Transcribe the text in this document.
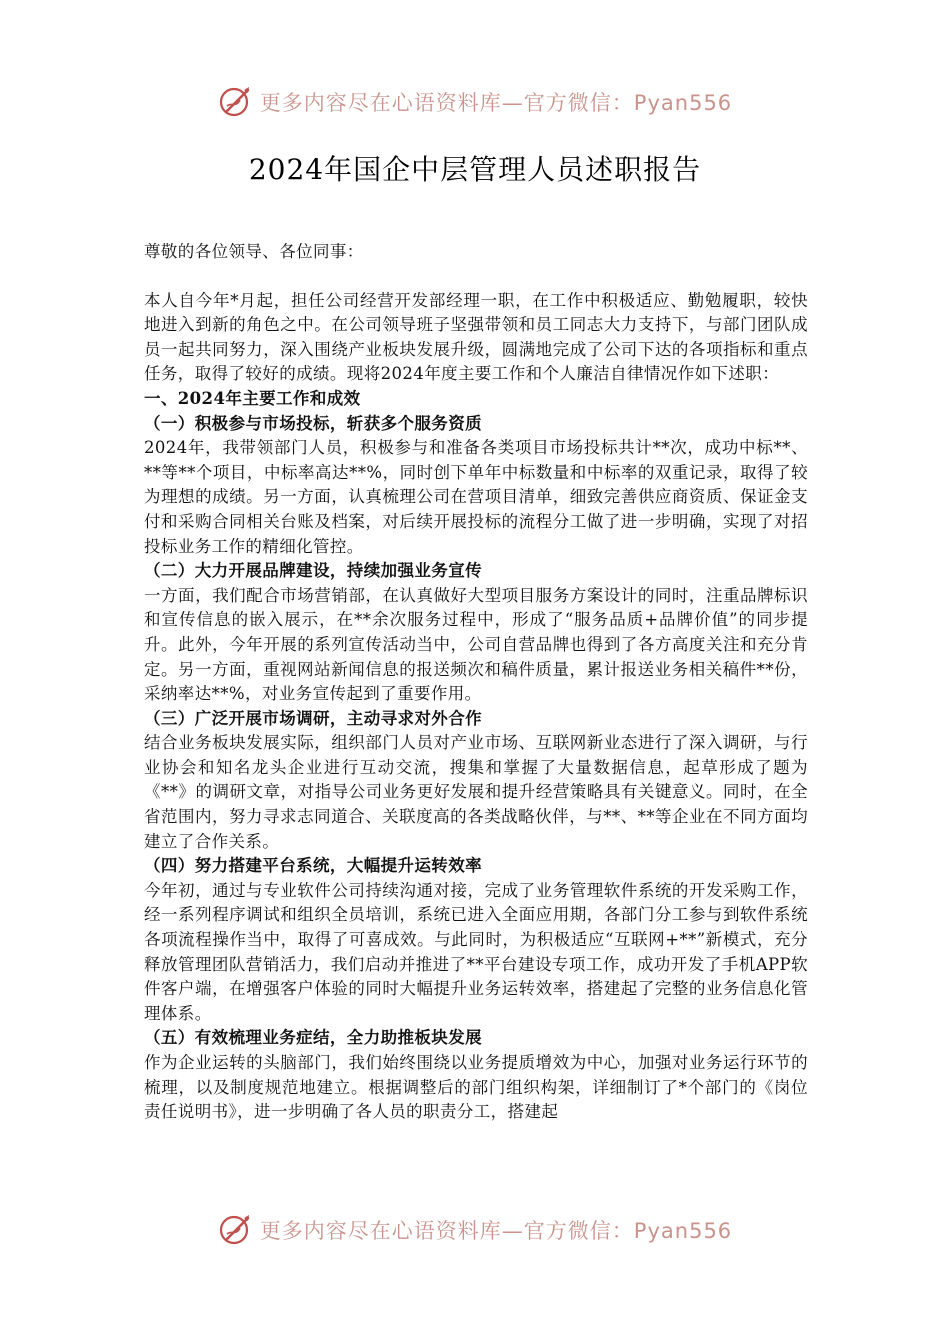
更多内容尽在心语资料库—官方微信：Pyan556
2024年国企中层管理人员述职报告

尊敬的各位领导、各位同事：

本人自今年*月起，担任公司经营开发部经理一职，在工作中积极适应、勤勉履职，较快地进入到新的角色之中。在公司领导班子坚强带领和员工同志大力支持下，与部门团队成员一起共同努力，深入围绕产业板块发展升级，圆满地完成了公司下达的各项指标和重点任务，取得了较好的成绩。现将2024年度主要工作和个人廉洁自律情况作如下述职：

一、2024年主要工作和成效

（一）积极参与市场投标，斩获多个服务资质

2024年，我带领部门人员，积极参与和准备各类项目市场投标共计**次，成功中标**、**等**个项目，中标率高达**%，同时创下单年中标数量和中标率的双重记录，取得了较为理想的成绩。另一方面，认真梳理公司在营项目清单，细致完善供应商资质、保证金支付和采购合同相关台账及档案，对后续开展投标的流程分工做了进一步明确，实现了对招投标业务工作的精细化管控。

（二）大力开展品牌建设，持续加强业务宣传

一方面，我们配合市场营销部，在认真做好大型项目服务方案设计的同时，注重品牌标识和宣传信息的嵌入展示，在**余次服务过程中，形成了“服务品质+品牌价值”的同步提升。此外，今年开展的系列宣传活动当中，公司自营品牌也得到了各方高度关注和充分肯定。另一方面，重视网站新闻信息的报送频次和稿件质量，累计报送业务相关稿件**份，采纳率达**%，对业务宣传起到了重要作用。

（三）广泛开展市场调研，主动寻求对外合作

结合业务板块发展实际，组织部门人员对产业市场、互联网新业态进行了深入调研，与行业协会和知名龙头企业进行互动交流，搜集和掌握了大量数据信息，起草形成了题为《**》的调研文章，对指导公司业务更好发展和提升经营策略具有关键意义。同时，在全省范围内，努力寻求志同道合、关联度高的各类战略伙伴，与**、**等企业在不同方面均建立了合作关系。

（四）努力搭建平台系统，大幅提升运转效率

今年初，通过与专业软件公司持续沟通对接，完成了业务管理软件系统的开发采购工作，经一系列程序调试和组织全员培训，系统已进入全面应用期，各部门分工参与到软件系统各项流程操作当中，取得了可喜成效。与此同时，为积极适应“互联网+**”新模式，充分释放管理团队营销活力，我们启动并推进了**平台建设专项工作，成功开发了手机APP软件客户端，在增强客户体验的同时大幅提升业务运转效率，搭建起了完整的业务信息化管理体系。

（五）有效梳理业务症结，全力助推板块发展

作为企业运转的头脑部门，我们始终围绕以业务提质增效为中心，加强对业务运行环节的梳理，以及制度规范地建立。根据调整后的部门组织构架，详细制订了*个部门的《岗位责任说明书》，进一步明确了各人员的职责分工，搭建起

更多内容尽在心语资料库—官方微信：Pyan556
